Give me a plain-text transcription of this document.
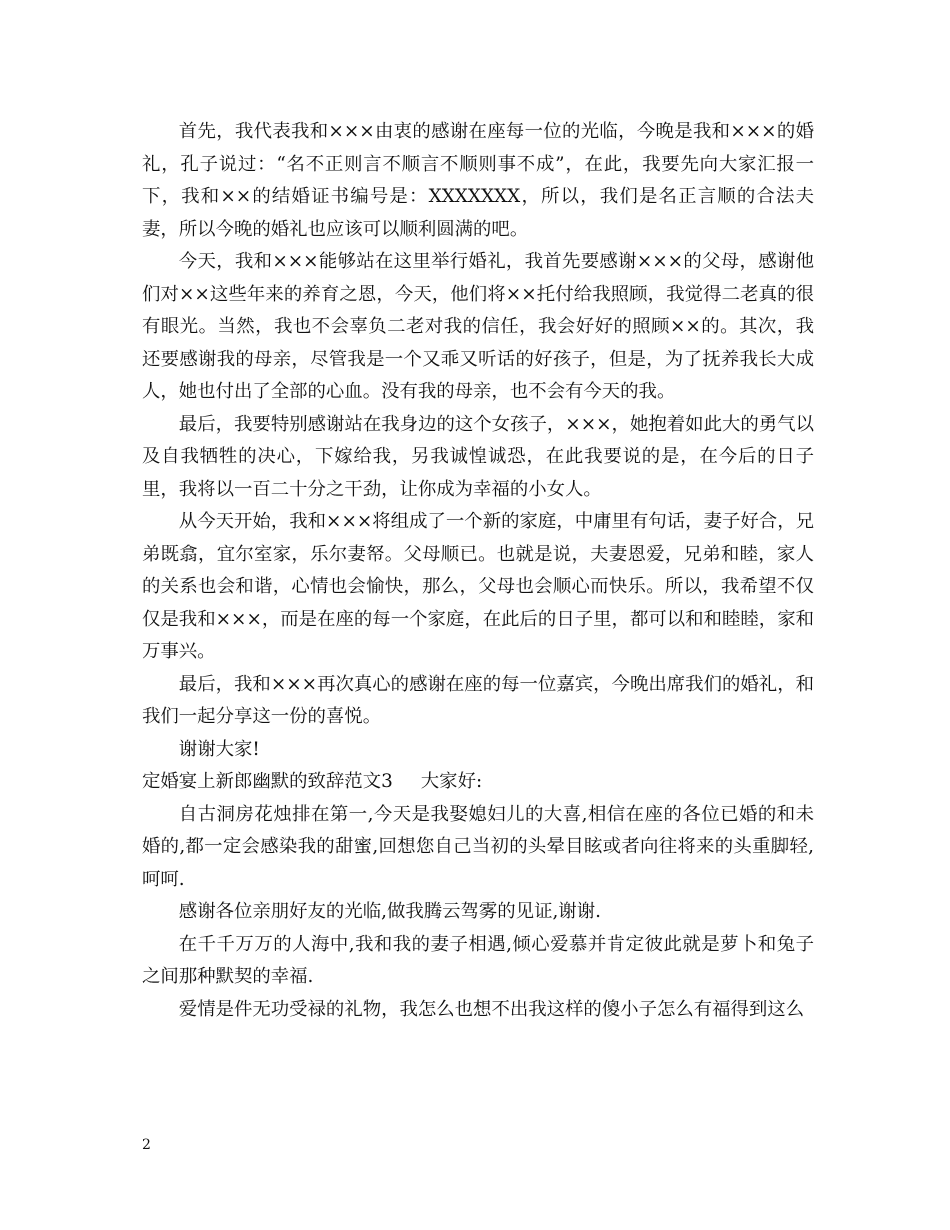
首先，我代表我和×××由衷的感谢在座每一位的光临，今晚是我和×××的婚礼，孔子说过：“名不正则言不顺言不顺则事不成”，在此，我要先向大家汇报一下，我和××的结婚证书编号是：XXXXXXX，所以，我们是名正言顺的合法夫妻，所以今晚的婚礼也应该可以顺利圆满的吧。

今天，我和×××能够站在这里举行婚礼，我首先要感谢×××的父母，感谢他们对××这些年来的养育之恩，今天，他们将××托付给我照顾，我觉得二老真的很有眼光。当然，我也不会辜负二老对我的信任，我会好好的照顾××的。其次，我还要感谢我的母亲，尽管我是一个又乖又听话的好孩子，但是，为了抚养我长大成人，她也付出了全部的心血。没有我的母亲，也不会有今天的我。

最后，我要特别感谢站在我身边的这个女孩子，×××，她抱着如此大的勇气以及自我牺牲的决心，下嫁给我，另我诚惶诚恐，在此我要说的是，在今后的日子里，我将以一百二十分之干劲，让你成为幸福的小女人。

从今天开始，我和×××将组成了一个新的家庭，中庸里有句话，妻子好合，兄弟既翕，宜尔室家，乐尔妻帑。父母顺已。也就是说，夫妻恩爱，兄弟和睦，家人的关系也会和谐，心情也会愉快，那么，父母也会顺心而快乐。所以，我希望不仅仅是我和×××，而是在座的每一个家庭，在此后的日子里，都可以和和睦睦，家和万事兴。

最后，我和×××再次真心的感谢在座的每一位嘉宾，今晚出席我们的婚礼，和我们一起分享这一份的喜悦。

谢谢大家!

定婚宴上新郎幽默的致辞范文3 大家好:

自古洞房花烛排在第一,今天是我娶媳妇儿的大喜,相信在座的各位已婚的和未婚的,都一定会感染我的甜蜜,回想您自己当初的头晕目眩或者向往将来的头重脚轻,呵呵.

感谢各位亲朋好友的光临,做我腾云驾雾的见证,谢谢.

在千千万万的人海中,我和我的妻子相遇,倾心爱慕并肯定彼此就是萝卜和兔子之间那种默契的幸福.

爱情是件无功受禄的礼物，我怎么也想不出我这样的傻小子怎么有福得到这么

2
